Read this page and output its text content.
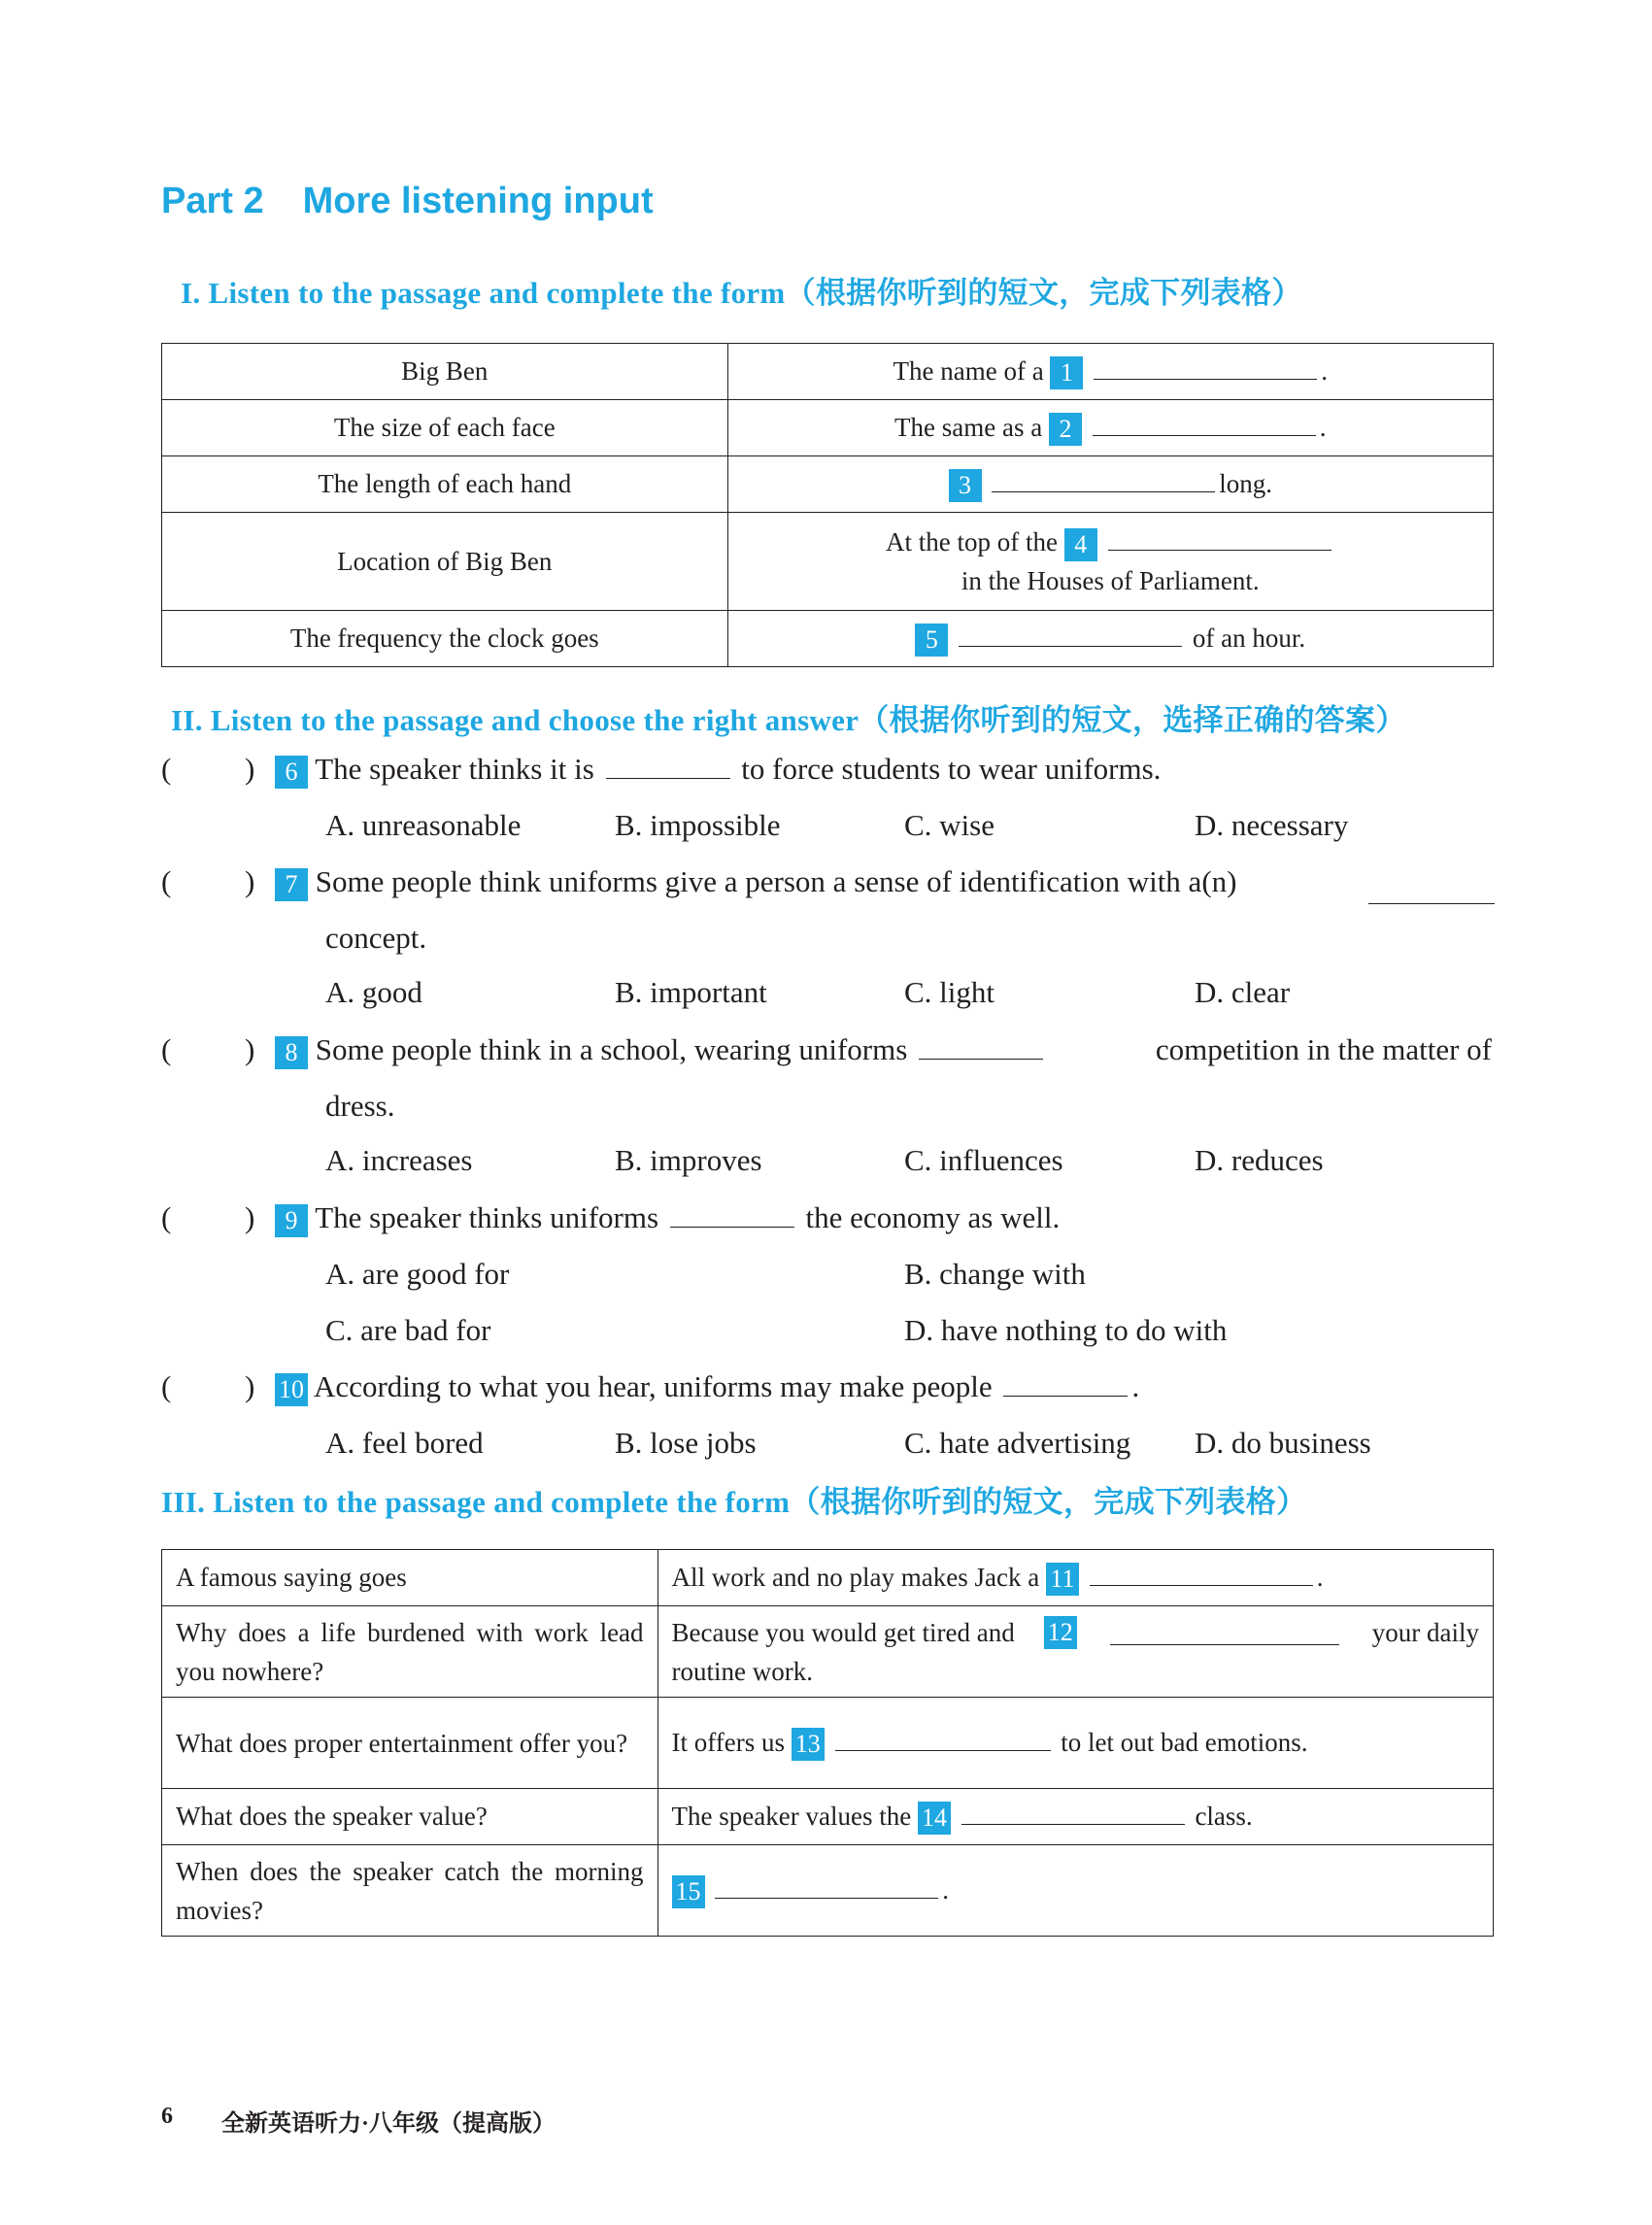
Part 2 More listening input
I. Listen to the passage and complete the form（根据你听到的短文，完成下列表格）
Big Ben	The name of a 1 .
The size of each face	The same as a 2 .
The length of each hand	3 long.
Location of Big Ben	At the top of the 4
in the Houses of Parliament.

The frequency the clock goes	5 of an hour.
II. Listen to the passage and choose the right answer（根据你听到的短文，选择正确的答案）
( )	6 The speaker thinks it is	to force students to wear uniforms.
A. unreasonable	B. impossible	C. wise	D. necessary
( )	7 Some people think uniforms give a person a sense of identification with a(n)
concept.
A. good	B. important	C. light	D. clear
( )	8 Some people think in a school, wearing uniforms	competition in the matter of
dress.
A. increases	B. improves	C. influences	D. reduces
( )	9 The speaker thinks uniforms	the economy as well.
A. are good for	B. change with
C. are bad for	D. have nothing to do with
( ) 10 According to what you hear, uniforms may make people	.
A. feel bored	B. lose jobs	C. hate advertising D. do business
III. Listen to the passage and complete the form（根据你听到的短文，完成下列表格）
A famous saying goes	All work and no play makes Jack a 11 .
Why does a life burdened with work lead you nowhere?	Because you would get tired and 12 your daily
routine work.

What does proper entertainment offer you?	It offers us 13 to let out bad emotions.
What does the speaker value?	The speaker values the 14 class.
When does the speaker catch the morning movies?	15 .
6 全新英语听力·八年级（提高版）
